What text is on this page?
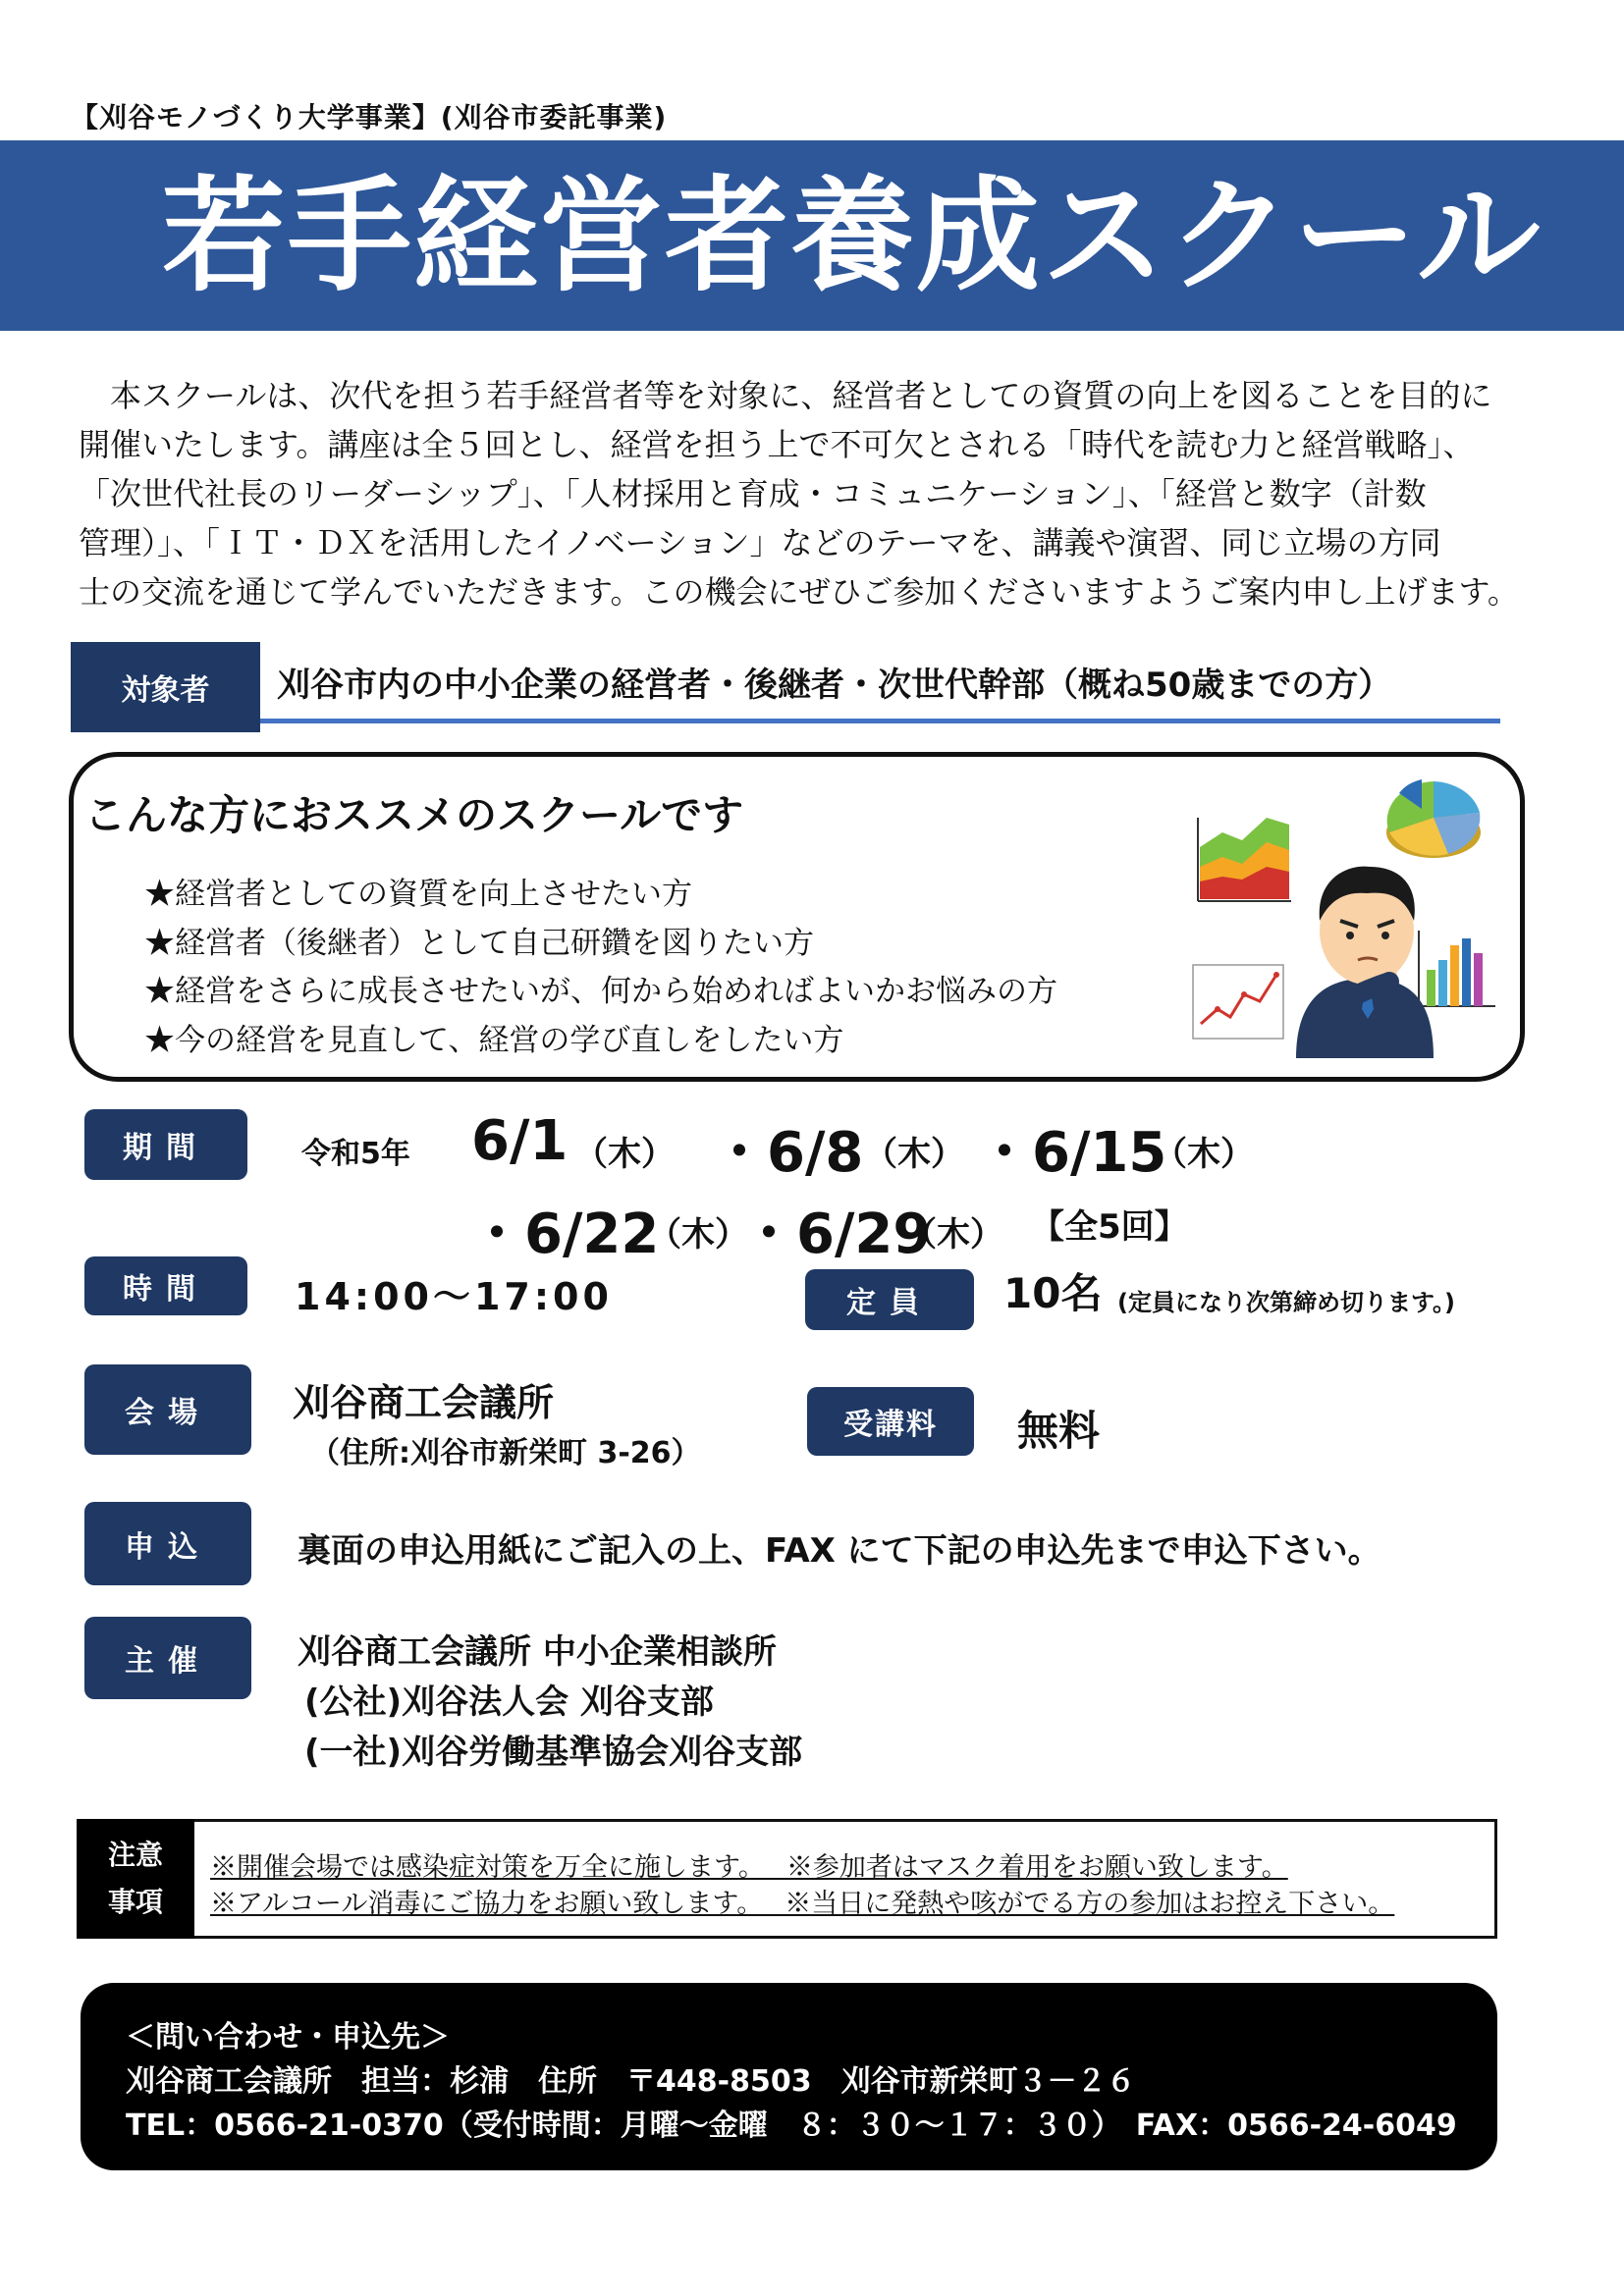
【刈谷モノづくり大学事業】(刈谷市委託事業)
若手経営者養成スクール

本スクールは、次代を担う若手経営者等を対象に、経営者としての資質の向上を図ることを目的に

開催いたします。講座は全５回とし、経営を担う上で不可欠とされる「時代を読む力と経営戦略」、

「次世代社長のリーダーシップ」、「人材採用と育成・コミュニケーション」、「経営と数字（計数

管理）」、「ＩＴ・ＤＸを活用したイノベーション」などのテーマを、講義や演習、同じ立場の方同

士の交流を通じて学んでいただきます。この機会にぜひご参加くださいますようご案内申し上げます。

対象者	刈谷市内の中小企業の経営者・後継者・次世代幹部（概ね50歳までの方）
こんな方におススメのスクールです
★経営者としての資質を向上させたい方
★経営者（後継者）として自己研鑽を図りたい方
★経営をさらに成長させたいが、何から始めればよいかお悩みの方
★今の経営を見直して、経営の学び直しをしたい方
期間	令和5年 6/1 （木） ・6/8 （木） ・6/15
（木）
・6/22
（木）
・6/29
（木） 【全5回】
時間	14:00～17:00	定員	10名 (定員になり次第締め切ります。)
会場	刈谷商工会議所
（住所:刈谷市新栄町 3-26）
受講料	無料
申込	裏面の申込用紙にご記入の上、FAX にて下記の申込先まで申込下さい。
主催	刈谷商工会議所 中小企業相談所
(公社)刈谷法人会 刈谷支部
(一社)刈谷労働基準協会刈谷支部
注意
事項
※開催会場では感染症対策を万全に施します。　 ※参加者はマスク着用をお願い致します。
※アルコール消毒にご協力をお願い致します。　 ※当日に発熱や咳がでる方の参加はお控え下さい。
＜問い合わせ・申込先＞
刈谷商工会議所　担当：杉浦　住所　〒448-8503　刈谷市新栄町３－２６
TEL：0566-21-0370（受付時間：月曜～金曜　８：３０～１７：３０）　FAX：0566-24-6049
